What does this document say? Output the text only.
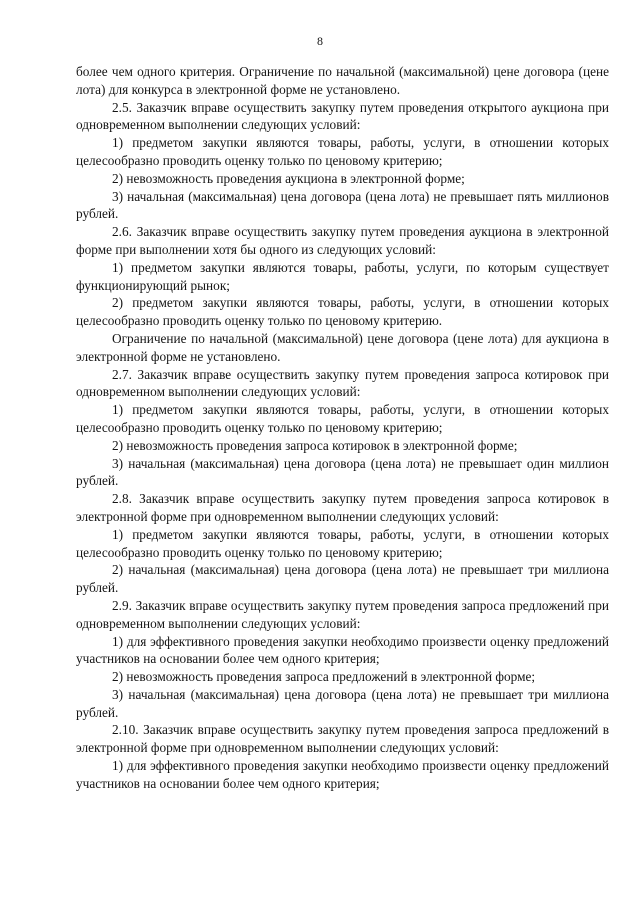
8

более чем одного критерия. Ограничение по начальной (максимальной) цене договора (цене лота) для конкурса в электронной форме не установлено.

2.5. Заказчик вправе осуществить закупку путем проведения открытого аукциона при одновременном выполнении следующих условий:

1) предметом закупки являются товары, работы, услуги, в отношении которых целесообразно проводить оценку только по ценовому критерию;

2) невозможность проведения аукциона в электронной форме;

3) начальная (максимальная) цена договора (цена лота) не превышает пять миллионов рублей.

2.6. Заказчик вправе осуществить закупку путем проведения аукциона в электронной форме при выполнении хотя бы одного из следующих условий:

1) предметом закупки являются товары, работы, услуги, по которым существует функционирующий рынок;

2) предметом закупки являются товары, работы, услуги, в отношении которых целесообразно проводить оценку только по ценовому критерию.

Ограничение по начальной (максимальной) цене договора (цене лота) для аукциона в электронной форме не установлено.

2.7. Заказчик вправе осуществить закупку путем проведения запроса котировок при одновременном выполнении следующих условий:

1) предметом закупки являются товары, работы, услуги, в отношении которых целесообразно проводить оценку только по ценовому критерию;

2) невозможность проведения запроса котировок в электронной форме;

3) начальная (максимальная) цена договора (цена лота) не превышает один миллион рублей.

2.8. Заказчик вправе осуществить закупку путем проведения запроса котировок в электронной форме при одновременном выполнении следующих условий:

1) предметом закупки являются товары, работы, услуги, в отношении которых целесообразно проводить оценку только по ценовому критерию;

2) начальная (максимальная) цена договора (цена лота) не превышает три миллиона рублей.

2.9. Заказчик вправе осуществить закупку путем проведения запроса предложений при одновременном выполнении следующих условий:

1) для эффективного проведения закупки необходимо произвести оценку предложений участников на основании более чем одного критерия;

2) невозможность проведения запроса предложений в электронной форме;

3) начальная (максимальная) цена договора (цена лота) не превышает три миллиона рублей.

2.10. Заказчик вправе осуществить закупку путем проведения запроса предложений в электронной форме при одновременном выполнении следующих условий:

1) для эффективного проведения закупки необходимо произвести оценку предложений участников на основании более чем одного критерия;
